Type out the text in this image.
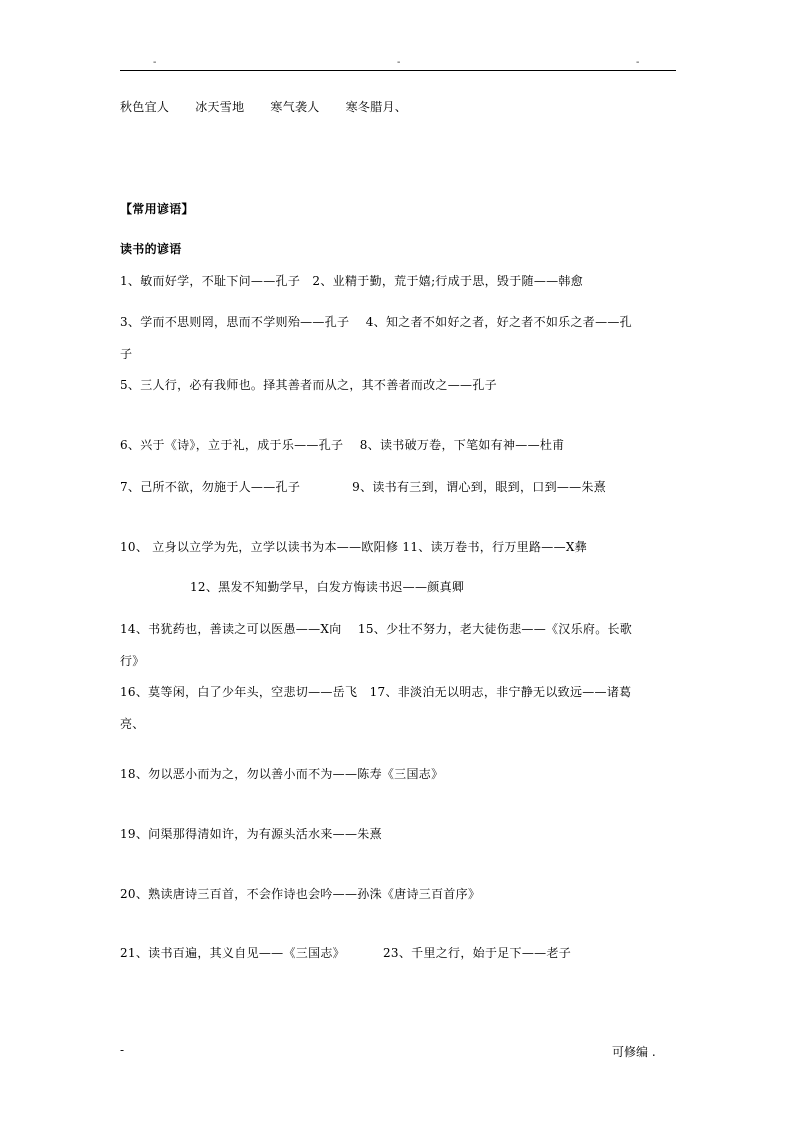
-	-	-
秋色宜人 冰天雪地 寒气袭人 寒冬腊月、
【常用谚语】
读书的谚语
1、敏而好学，不耻下问——孔子　2、业精于勤，荒于嬉;行成于思，毁于随——韩愈
3、学而不思则罔，思而不学则殆——孔子　 4、知之者不如好之者，好之者不如乐之者——孔
子
5、三人行，必有我师也。择其善者而从之，其不善者而改之——孔子
6、兴于《诗》，立于礼，成于乐——孔子　 8、读书破万卷，下笔如有神——杜甫
7、己所不欲，勿施于人——孔子	9、读书有三到，谓心到，眼到，口到——朱熹
10、 立身以立学为先，立学以读书为本——欧阳修 11、读万卷书，行万里路——X彝
12、黑发不知勤学早，白发方悔读书迟——颜真卿
14、书犹药也，善读之可以医愚——X向　 15、少壮不努力，老大徒伤悲——《汉乐府。长歌
行》
16、莫等闲，白了少年头，空悲切——岳飞　17、非淡泊无以明志，非宁静无以致远——诸葛
亮、
18、勿以恶小而为之，勿以善小而不为——陈寿《三国志》
19、问渠那得清如许，为有源头活水来——朱熹
20、熟读唐诗三百首，不会作诗也会吟——孙洙《唐诗三百首序》
21、读书百遍，其义自见——《三国志》	23、千里之行，始于足下——老子
-	可修编 .
